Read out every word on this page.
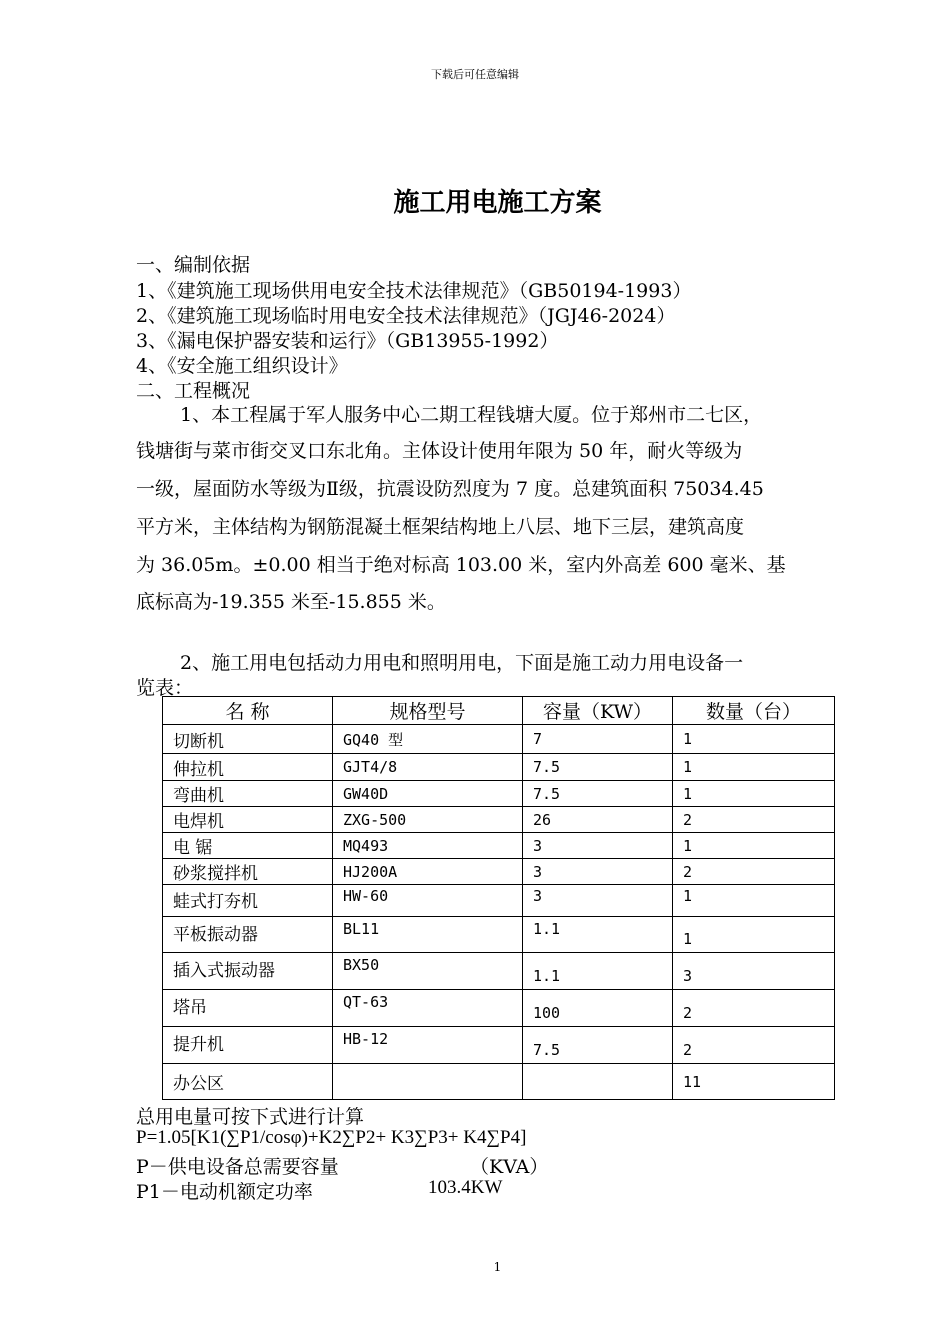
下载后可任意编辑
施工用电施工方案
一、编制依据
1、《建筑施工现场供用电安全技术法律规范》（GB50194-1993）
2、《建筑施工现场临时用电安全技术法律规范》（JGJ46-2024）
3、《漏电保护器安装和运行》（GB13955-1992）
4、《安全施工组织设计》
二、工程概况
1、本工程属于军人服务中心二期工程钱塘大厦。位于郑州市二七区，
钱塘街与菜市街交叉口东北角。主体设计使用年限为 50 年，耐火等级为
一级，屋面防水等级为Ⅱ级，抗震设防烈度为 7 度。总建筑面积 75034.45
平方米，主体结构为钢筋混凝土框架结构地上八层、地下三层，建筑高度
为 36.05m。±0.00 相当于绝对标高 103.00 米，室内外高差 600 毫米、基
底标高为-19.355 米至-15.855 米。
2、施工用电包括动力用电和照明用电，下面是施工动力用电设备一
览表：
名 称	规格型号	容量（KW）	数量（台）
切断机	GQ40 型	7	1
伸拉机	GJT4/8	7.5	1
弯曲机	GW40D	7.5	1
电焊机	ZXG-500	26	2
电 锯	MQ493	3	1
砂浆搅拌机	HJ200A	3	2
蛙式打夯机	HW-60	3	1
平板振动器	BL11	1.1	1
插入式振动器	BX50	1.1	3
塔吊	QT-63	100	2
提升机	HB-12	7.5	2
办公区			11
总用电量可按下式进行计算
P=1.05[K1(∑P1/cosφ)+K2∑P2+ K3∑P3+ K4∑P4]
P－供电设备总需要容量	（KVA）
P1－电动机额定功率	103.4KW
1
